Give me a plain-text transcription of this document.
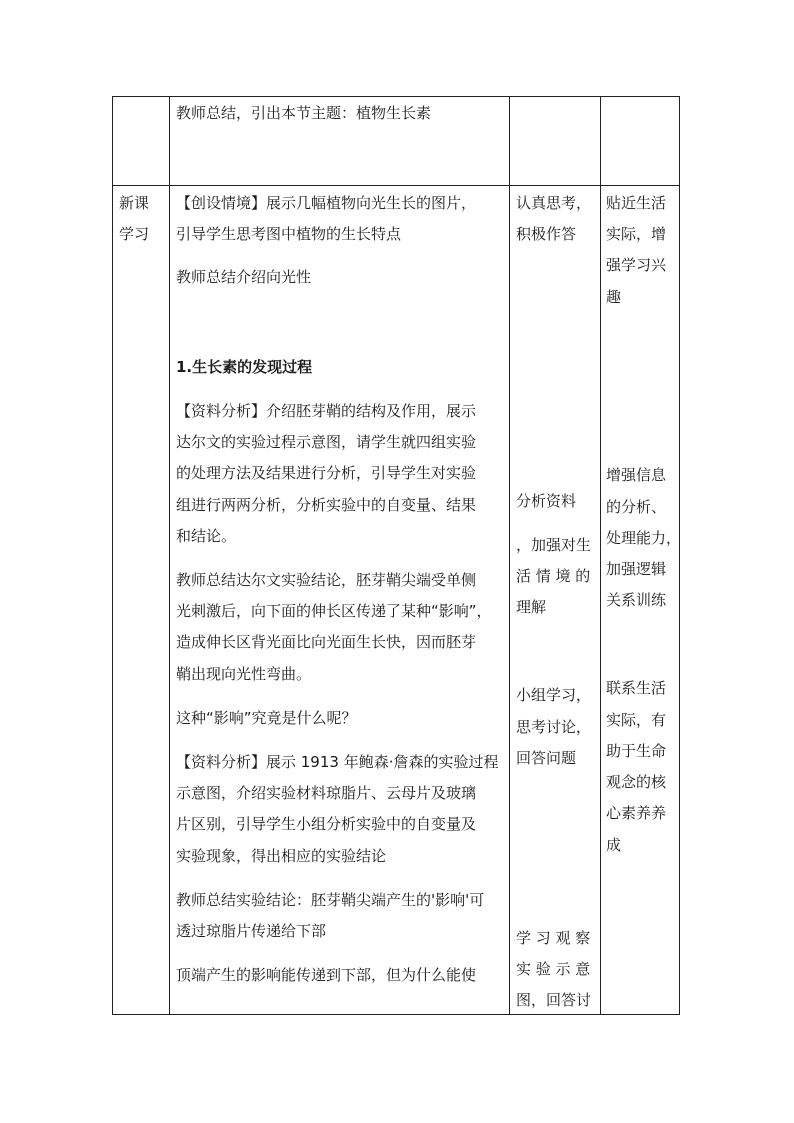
教师总结，引出本节主题：植物生长素
新课
学习
【创设情境】展示几幅植物向光生长的图片，
引导学生思考图中植物的生长特点
教师总结介绍向光性
1.生长素的发现过程
【资料分析】介绍胚芽鞘的结构及作用，展示
达尔文的实验过程示意图，请学生就四组实验
的处理方法及结果进行分析，引导学生对实验
组进行两两分析，分析实验中的自变量、结果
和结论。
教师总结达尔文实验结论，胚芽鞘尖端受单侧
光刺激后，向下面的伸长区传递了某种“影响”，
造成伸长区背光面比向光面生长快，因而胚芽
鞘出现向光性弯曲。
这种“影响”究竟是什么呢？
【资料分析】展示 1913 年鲍森·詹森的实验过程
示意图，介绍实验材料琼脂片、云母片及玻璃
片区别，引导学生小组分析实验中的自变量及
实验现象，得出相应的实验结论
教师总结实验结论：胚芽鞘尖端产生的'影响'可
透过琼脂片传递给下部
顶端产生的影响能传递到下部，但为什么能使
认真思考，
积极作答
分析资料
，加强对生
活 情 境 的
理解
小组学习，
思考讨论，
回答问题
学 习 观 察
实 验 示 意
图，回答讨
贴近生活
实际，增
强学习兴
趣
增强信息
的分析、
处理能力，
加强逻辑
关系训练
联系生活
实际，有
助于生命
观念的核
心素养养
成
